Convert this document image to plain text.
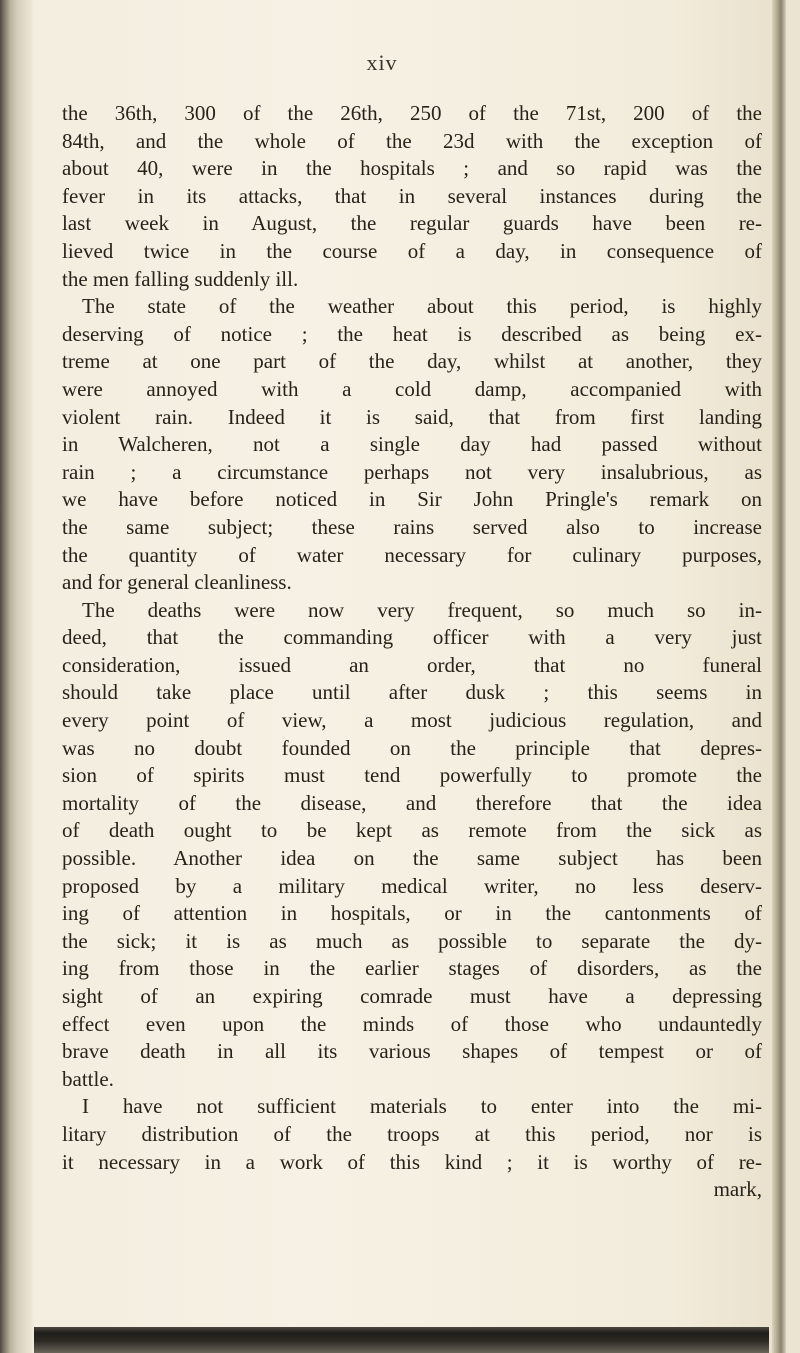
xiv

the 36th, 300 of the 26th, 250 of the 71st, 200 of the
84th, and the whole of the 23d with the exception of
about 40, were in the hospitals ; and so rapid was the
fever in its attacks, that in several instances during the
last week in August, the regular guards have been re-
lieved twice in the course of a day, in consequence of
the men falling suddenly ill.
The state of the weather about this period, is highly
deserving of notice ; the heat is described as being ex-
treme at one part of the day, whilst at another, they
were annoyed with a cold damp, accompanied with
violent rain. Indeed it is said, that from first landing
in Walcheren, not a single day had passed without
rain ; a circumstance perhaps not very insalubrious, as
we have before noticed in Sir John Pringle's remark on
the same subject; these rains served also to increase
the quantity of water necessary for culinary purposes,
and for general cleanliness.
The deaths were now very frequent, so much so in-
deed, that the commanding officer with a very just
consideration, issued an order, that no funeral
should take place until after dusk ; this seems in
every point of view, a most judicious regulation, and
was no doubt founded on the principle that depres-
sion of spirits must tend powerfully to promote the
mortality of the disease, and therefore that the idea
of death ought to be kept as remote from the sick as
possible. Another idea on the same subject has been
proposed by a military medical writer, no less deserv-
ing of attention in hospitals, or in the cantonments of
the sick; it is as much as possible to separate the dy-
ing from those in the earlier stages of disorders, as the
sight of an expiring comrade must have a depressing
effect even upon the minds of those who undauntedly
brave death in all its various shapes of tempest or of
battle.
I have not sufficient materials to enter into the mi-
litary distribution of the troops at this period, nor is
it necessary in a work of this kind ; it is worthy of re-
mark,
